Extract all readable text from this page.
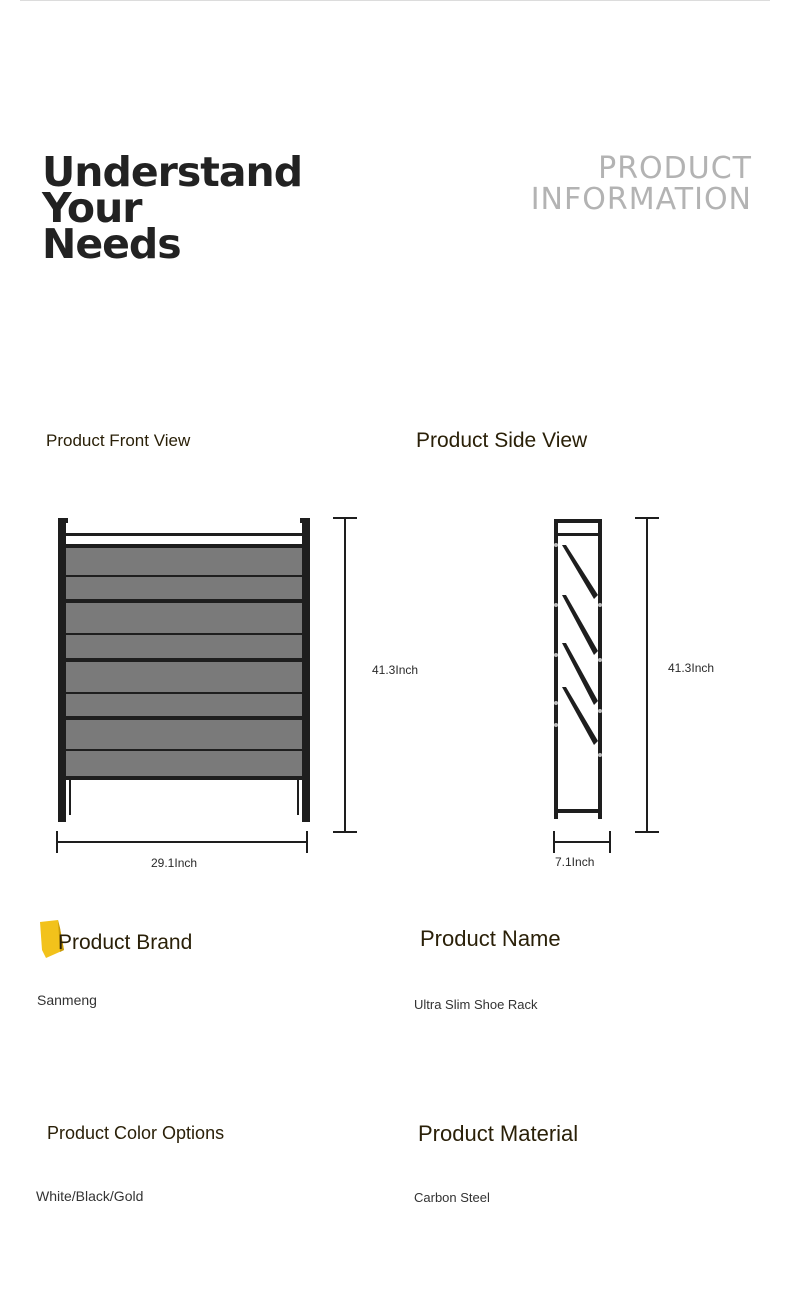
Understand
Your
Needs
PRODUCT
INFORMATION
Product Front View	Product Side View
41.3Inch
29.1Inch
41.3Inch
7.1Inch
Product Brand
Sanmeng
Product Name
Ultra Slim Shoe Rack
Product Color Options
White/Black/Gold
Product Material
Carbon Steel
